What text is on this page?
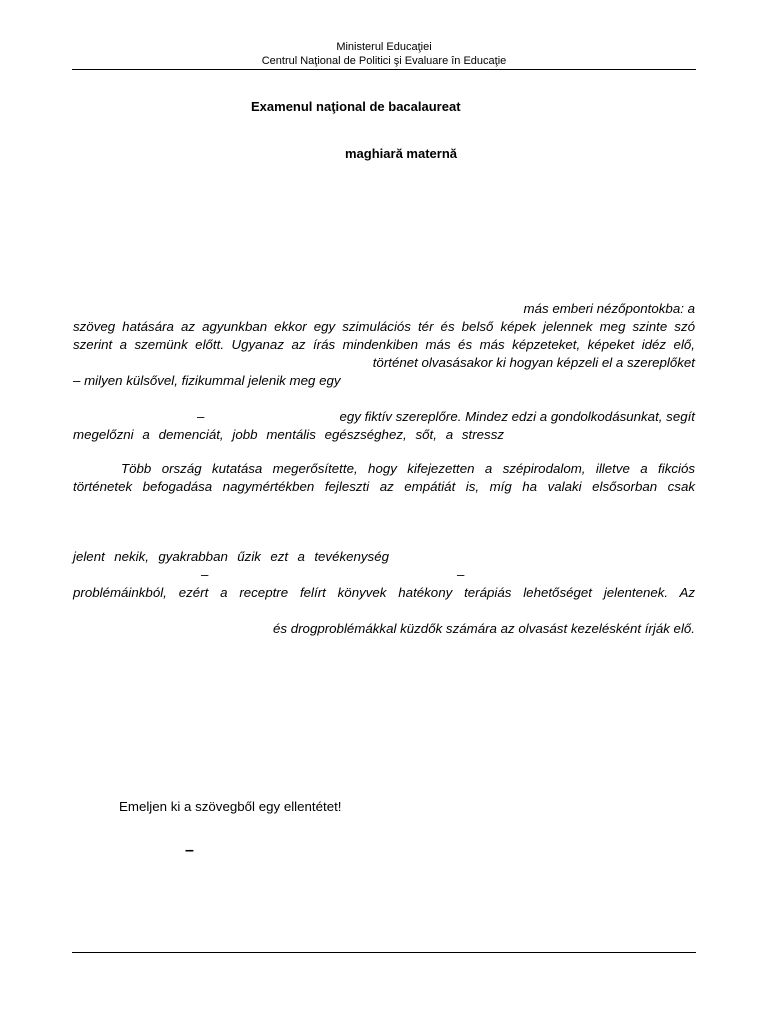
Ministerul Educaţiei
Centrul Naţional de Politici şi Evaluare în Educaţie
Examenul naţional de bacalaureat
maghiară maternă
más emberi nézőpontokba: a
szöveg hatására az agyunkban ekkor egy szimulációs tér és belső képek jelennek meg szinte szó
szerint a szemünk előtt. Ugyanaz az írás mindenkiben más és más képzeteket, képeket idéz elő,
történet olvasásakor ki hogyan képzeli el a szereplőket
– milyen külsővel, fizikummal jelenik meg egy
–	egy fiktív szereplőre. Mindez edzi a gondolkodásunkat, segít
megelőzni a demenciát, jobb mentális egészséghez, sőt, a stressz
Több ország kutatása megerősítette, hogy kifejezetten a szépirodalom, illetve a fikciós
történetek befogadása nagymértékben fejleszti az empátiát is, míg ha valaki elsősorban csak
jelent nekik, gyakrabban űzik ezt a tevékenység
–	–
problémáinkból, ezért a receptre felírt könyvek hatékony terápiás lehetőséget jelentenek. Az
és drogproblémákkal küzdők számára az olvasást kezelésként írják elő.
Emeljen ki a szövegből egy ellentétet!
–
